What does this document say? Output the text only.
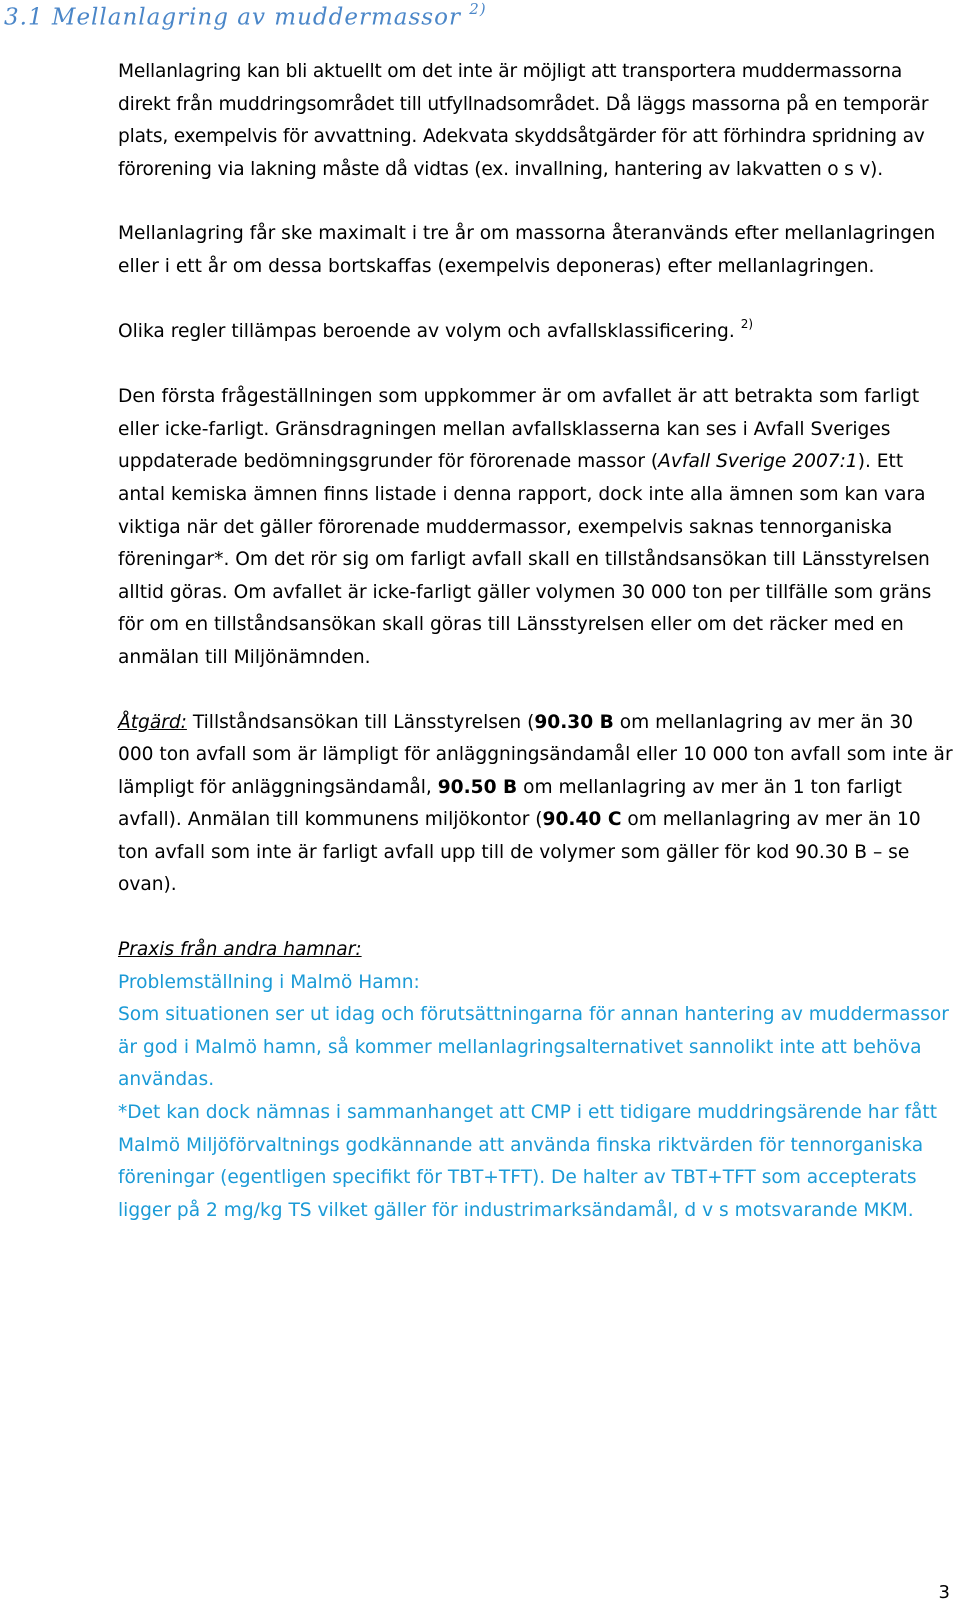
3.1 Mellanlagring av muddermassor $^{2)}$

Mellanlagring kan bli aktuellt om det inte är möjligt att transportera muddermassorna direkt från muddringsområdet till utfyllnadsområdet. Då läggs massorna på en temporär plats, exempelvis för avvattning. Adekvata skyddsåtgärder för att förhindra spridning av förorening via lakning måste då vidtas (ex. invallning, hantering av lakvatten o s v).

Mellanlagring får ske maximalt i tre år om massorna återanvänds efter mellanlagringen eller i ett år om dessa bortskaffas (exempelvis deponeras) efter mellanlagringen.

Olika regler tillämpas beroende av volym och avfallsklassificering. $^{2)}$

Den första frågeställningen som uppkommer är om avfallet är att betrakta som farligt eller icke-farligt. Gränsdragningen mellan avfallsklasserna kan ses i Avfall Sveriges uppdaterade bedömningsgrunder för förorenade massor (Avfall Sverige 2007:1). Ett antal kemiska ämnen finns listade i denna rapport, dock inte alla ämnen som kan vara viktiga när det gäller förorenade muddermassor, exempelvis saknas tennorganiska föreningar*. Om det rör sig om farligt avfall skall en tillståndsansökan till Länsstyrelsen alltid göras. Om avfallet är icke-farligt gäller volymen 30 000 ton per tillfälle som gräns för om en tillståndsansökan skall göras till Länsstyrelsen eller om det räcker med en anmälan till Miljönämnden.

Åtgärd: Tillståndsansökan till Länsstyrelsen (90.30 B om mellanlagring av mer än 30 000 ton avfall som är lämpligt för anläggningsändamål eller 10 000 ton avfall som inte är lämpligt för anläggningsändamål, 90.50 B om mellanlagring av mer än 1 ton farligt avfall). Anmälan till kommunens miljökontor (90.40 C om mellanlagring av mer än 10 ton avfall som inte är farligt avfall upp till de volymer som gäller för kod 90.30 B – se ovan).

Praxis från andra hamnar:

Problemställning i Malmö Hamn:

Som situationen ser ut idag och förutsättningarna för annan hantering av muddermassor är god i Malmö hamn, så kommer mellanlagringsalternativet sannolikt inte att behöva användas.

*Det kan dock nämnas i sammanhanget att CMP i ett tidigare muddringsärende har fått Malmö Miljöförvaltnings godkännande att använda finska riktvärden för tennorganiska föreningar (egentligen specifikt för TBT+TFT). De halter av TBT+TFT som accepterats ligger på 2 mg/kg TS vilket gäller för industrimarksändamål, d v s motsvarande MKM.

3
